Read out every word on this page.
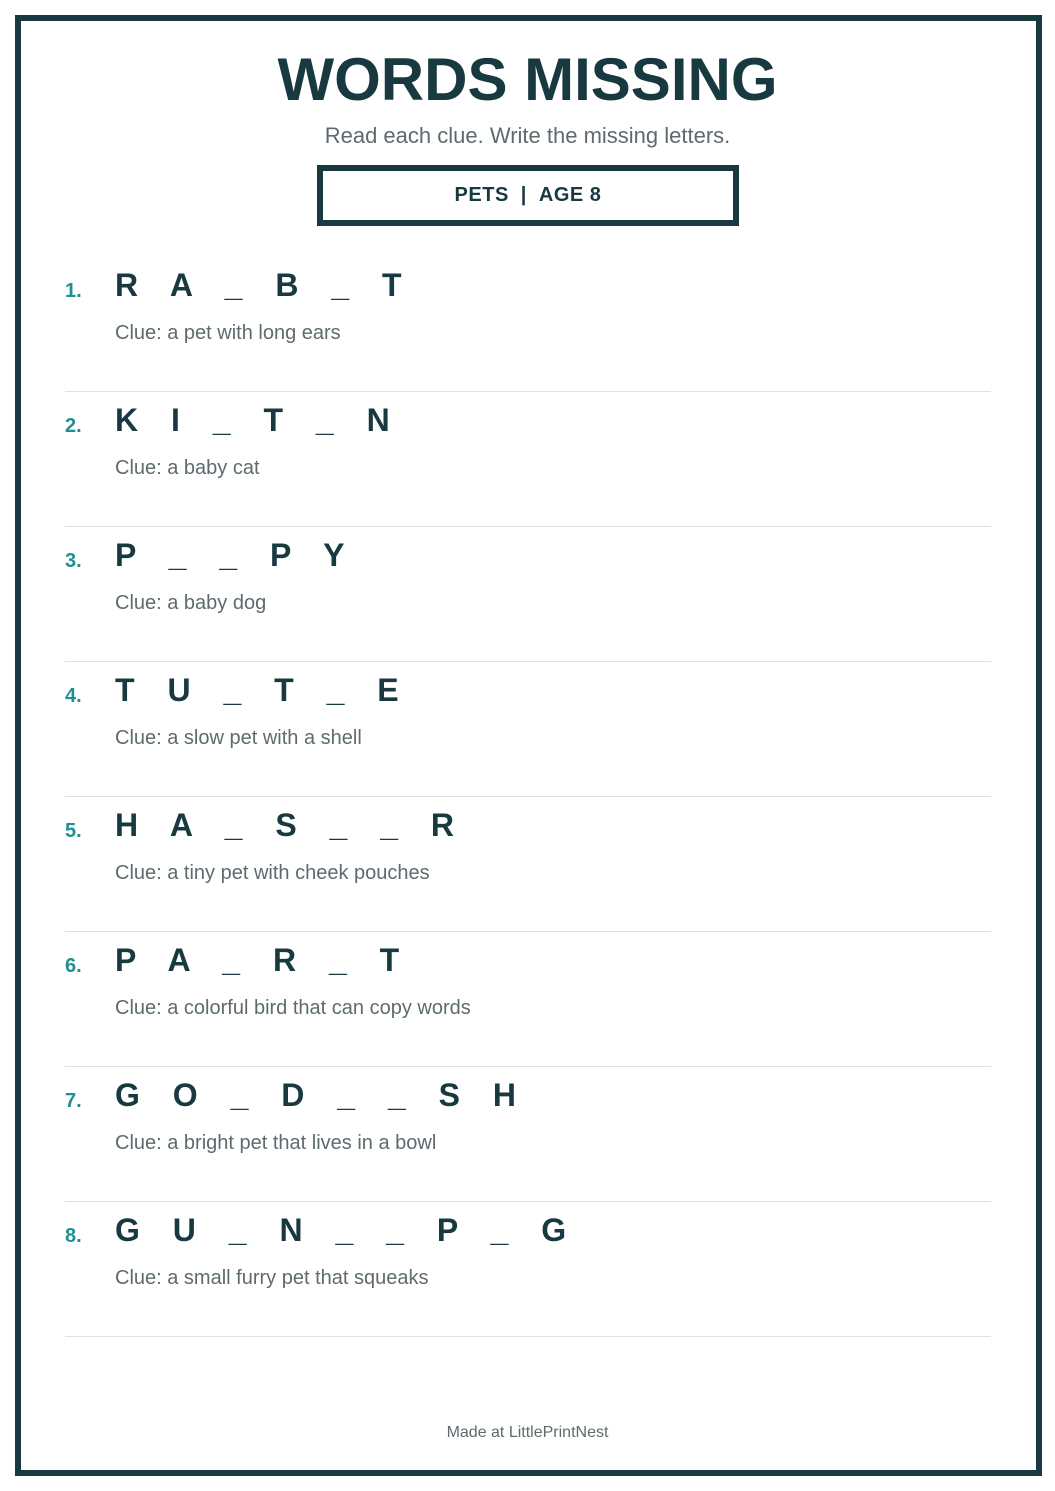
WORDS MISSING

Read each clue. Write the missing letters.

PETS | AGE 8
1. R A _ B _ T
Clue: a pet with long ears
2. K I _ T _ N
Clue: a baby cat
3. P _ _ P Y
Clue: a baby dog
4. T U _ T _ E
Clue: a slow pet with a shell
5. H A _ S _ _ R
Clue: a tiny pet with cheek pouches
6. P A _ R _ T
Clue: a colorful bird that can copy words
7. G O _ D _ _ S H
Clue: a bright pet that lives in a bowl
8. G U _ N _ _ P _ G
Clue: a small furry pet that squeaks
Made at LittlePrintNest
